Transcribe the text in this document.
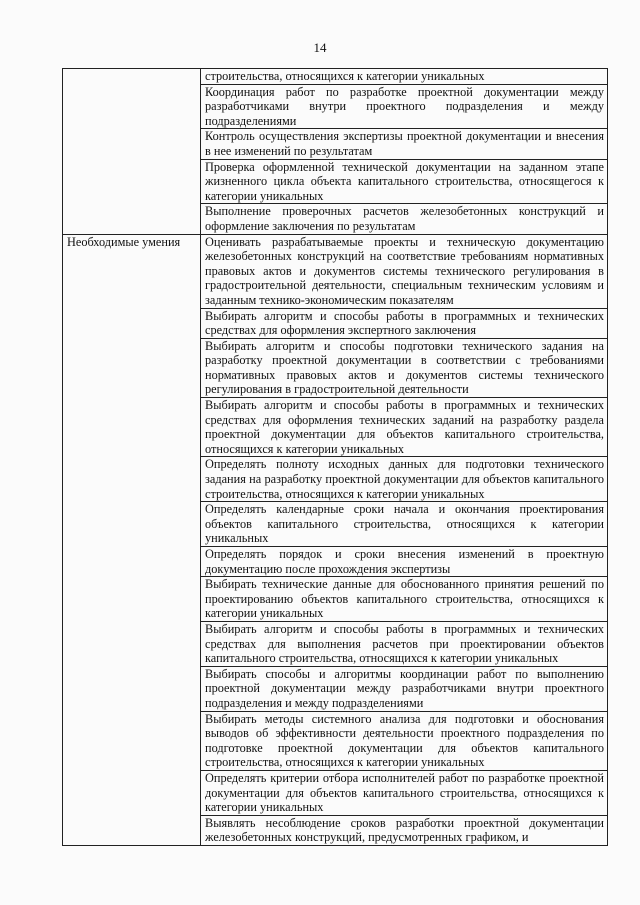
14
	строительства, относящихся к категории уникальных
	Координация работ по разработке проектной документации между разработчиками внутри проектного подразделения и между подразделениями
	Контроль осуществления экспертизы проектной документации и внесения в нее изменений по результатам
	Проверка оформленной технической документации на заданном этапе жизненного цикла объекта капитального строительства, относящегося к категории уникальных
	Выполнение проверочных расчетов железобетонных конструкций и оформление заключения по результатам
Необходимые умения	Оценивать разрабатываемые проекты и техническую документацию железобетонных конструкций на соответствие требованиям нормативных правовых актов и документов системы технического регулирования в градостроительной деятельности, специальным техническим условиям и заданным технико-экономическим показателям
	Выбирать алгоритм и способы работы в программных и технических средствах для оформления экспертного заключения
	Выбирать алгоритм и способы подготовки технического задания на разработку проектной документации в соответствии с требованиями нормативных правовых актов и документов системы технического регулирования в градостроительной деятельности
	Выбирать алгоритм и способы работы в программных и технических средствах для оформления технических заданий на разработку раздела проектной документации для объектов капитального строительства, относящихся к категории уникальных
	Определять полноту исходных данных для подготовки технического задания на разработку проектной документации для объектов капитального строительства, относящихся к категории уникальных
	Определять календарные сроки начала и окончания проектирования объектов капитального строительства, относящихся к категории уникальных
	Определять порядок и сроки внесения изменений в проектную документацию после прохождения экспертизы
	Выбирать технические данные для обоснованного принятия решений по проектированию объектов капитального строительства, относящихся к категории уникальных
	Выбирать алгоритм и способы работы в программных и технических средствах для выполнения расчетов при проектировании объектов капитального строительства, относящихся к категории уникальных
	Выбирать способы и алгоритмы координации работ по выполнению проектной документации между разработчиками внутри проектного подразделения и между подразделениями
	Выбирать методы системного анализа для подготовки и обоснования выводов об эффективности деятельности проектного подразделения по подготовке проектной документации для объектов капитального строительства, относящихся к категории уникальных
	Определять критерии отбора исполнителей работ по разработке проектной документации для объектов капитального строительства, относящихся к категории уникальных
	Выявлять несоблюдение сроков разработки проектной документации железобетонных конструкций, предусмотренных графиком, и
